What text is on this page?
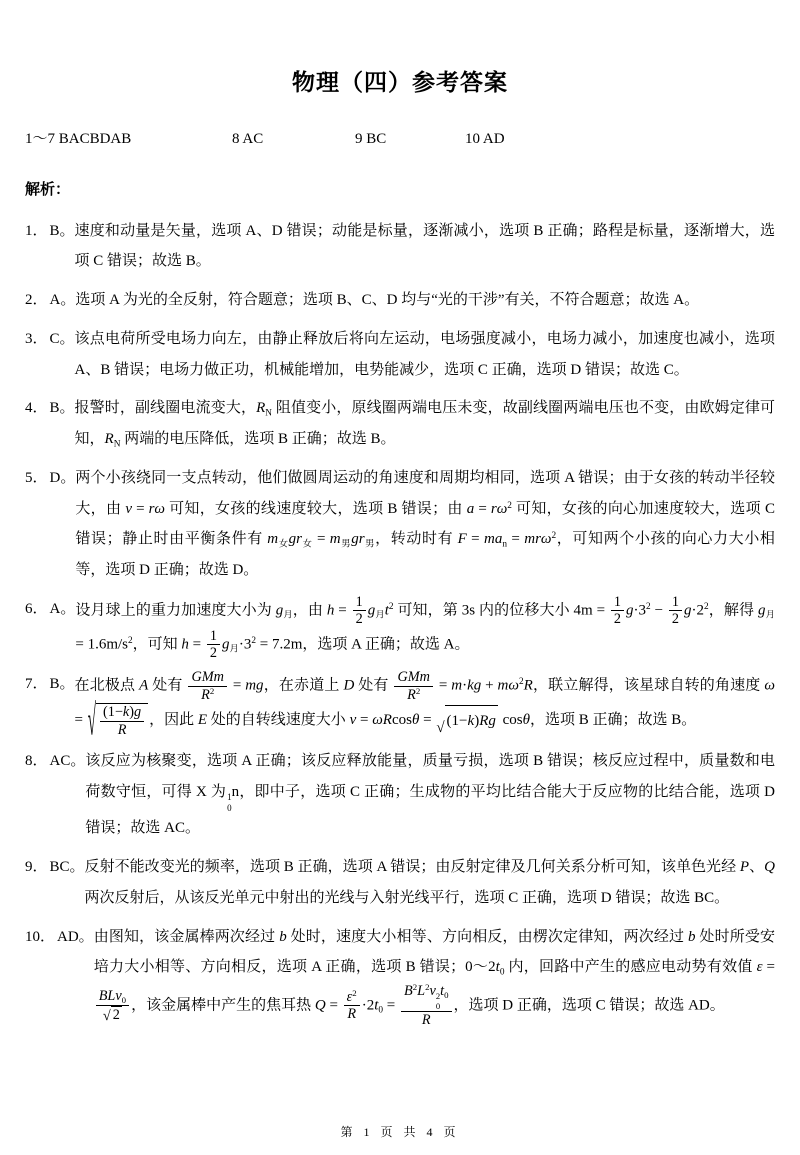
物理（四）参考答案
1～7 BACBDAB	8 AC	9 BC	10 AD
解析：
1． B。 速度和动量是矢量，选项 A、D 错误；动能是标量，逐渐减小，选项 B 正确；路程是标量，逐渐增大，选项 C 错误；故选 B。
2． A。 选项 A 为光的全反射，符合题意；选项 B、C、D 均与“光的干涉”有关，不符合题意；故选 A。
3． C。 该点电荷所受电场力向左，由静止释放后将向左运动，电场强度减小，电场力减小，加速度也减小，选项 A、B 错误；电场力做正功，机械能增加，电势能减少，选项 C 正确，选项 D 错误；故选 C。
4． B。 报警时，副线圈电流变大，$R_N$ 阻值变小，原线圈两端电压未变，故副线圈两端电压也不变，由欧姆定律可知，$R_N$ 两端的电压降低，选项 B 正确；故选 B。
5． D。 两个小孩绕同一支点转动，他们做圆周运动的角速度和周期均相同，选项 A 错误；由于女孩的转动半径较大，由 v = rω 可知，女孩的线速度较大，选项 B 错误；由 $a = r\omega^2$ 可知，女孩的向心加速度较大，选项 C 错误；静止时由平衡条件有 $m_女gr_女 = m_男gr_男$，转动时有 $F = ma_n = mr\omega^2$，可知两个小孩的向心力大小相等，选项 D 正确；故选 D。
6． A。 设月球上的重力加速度大小为 $g_月$，由 $h = \frac{1}{2} g_月t^2$ 可知，第 3s 内的位移大小 $4m = \frac{1}{2} g\cdot 3^2 - \frac{1}{2} g\cdot 2^2$，解得 $g_月 = 1.6m/s^2$，可知 $h = \frac{1}{2} g_月\cdot 3^2 = 7.2m$，选项 A 正确；故选 A。
7． B。 在北极点 A 处有 $\frac{\text{GMm}}{R^2}$ = mg，在赤道上 D 处有 $\frac{\text{GMm}}{R^2} = m\cdot kg + m\omega^2R$，联立解得，该星球自转的角速度 ω = √ $\frac{(1-k)g}{R}$ ，因此 E 处的自转线速度大小 v = ωRcosθ =
√ (1−k)Rg cosθ，选项 B 正确；故选 B。
8． AC。 该反应为核聚变，选项 A 正确；该反应释放能量，质量亏损，选项 B 错误；核反应过程中，质量数和电荷数守恒，可得 X 为 1
0
n，即中子，选项 C 正确；生成物的平均比结合能大于反应物的比结合能，选项 D 错误；故选 AC。
9． BC。 反射不能改变光的频率，选项 B 正确，选项 A 错误；由反射定律及几何关系分析可知，该单色光经 P、Q 两次反射后，从该反光单元中射出的光线与入射光线平行，选项 C 正确，选项 D 错误；故选 BC。
10． AD。 由图知，该金属棒两次经过 b 处时，速度大小相等、方向相反，由楞次定律知，两次经过 b 处时所受安培力大小相等、方向相反，选项 A 正确，选项 B 错误；$0\sim 2t_0$ 内，回路中产生的感应电动势有效值 ε =
$\frac{BLv_0}{√ 2}$ ，该金属棒中产生的焦耳热 $Q = \frac{\varepsilon^2}{R} \cdot 2t_0 = B^2L^2v$ 2
0
$t_0$
R ，选项 D 正确，选项 C 错误；故选 AD。
第 1 页 共 4 页
